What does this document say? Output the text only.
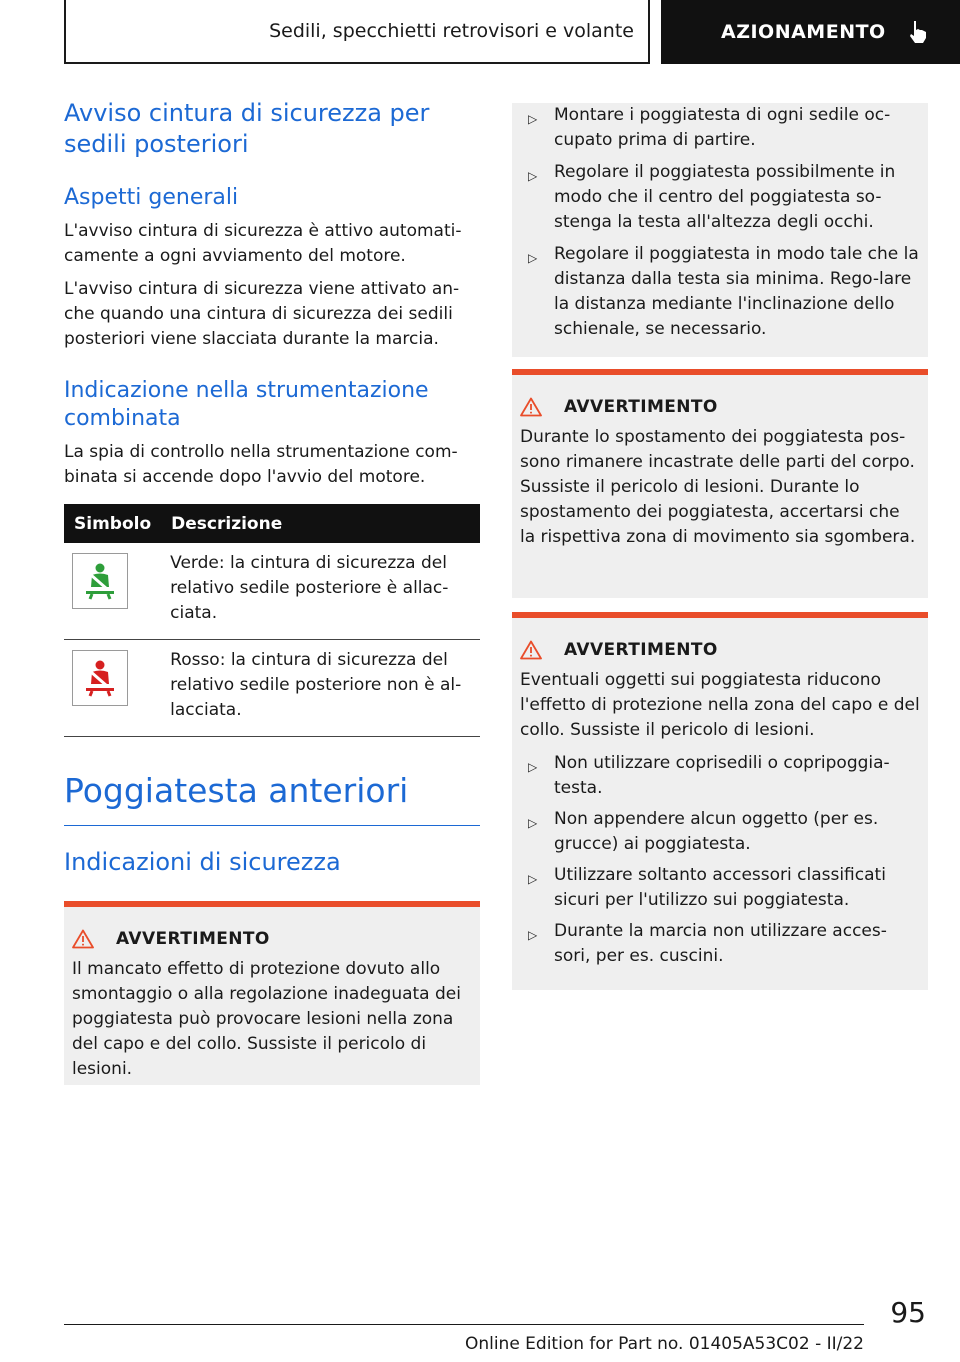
Sedili, specchietti retrovisori e volante	AZIONAMENTO
Avviso cintura di sicurezza per sedili posteriori
Aspetti generali

L'avviso cintura di sicurezza è attivo automati-camente a ogni avviamento del motore.

L'avviso cintura di sicurezza viene attivato an-che quando una cintura di sicurezza dei sedili posteriori viene slacciata durante la marcia.

Indicazione nella strumentazione combinata

La spia di controllo nella strumentazione com-binata si accende dopo l'avvio del motore.

Simbolo	Descrizione

	Verde: la cintura di sicurezza del relativo sedile posteriore è allac-ciata.

	Rosso: la cintura di sicurezza del relativo sedile posteriore non è al-lacciata.
Poggiatesta anteriori
Indicazioni di sicurezza
AVVERTIMENTO

Il mancato effetto di protezione dovuto allo smontaggio o alla regolazione inadeguata dei poggiatesta può provocare lesioni nella zona del capo e del collo. Sussiste il pericolo di lesioni.

▷ Montare i poggiatesta di ogni sedile oc-cupato prima di partire.
▷ Regolare il poggiatesta possibilmente in modo che il centro del poggiatesta so-stenga la testa all'altezza degli occhi.
▷ Regolare il poggiatesta in modo tale che la distanza dalla testa sia minima. Rego-lare la distanza mediante l'inclinazione dello schienale, se necessario.
AVVERTIMENTO

Durante lo spostamento dei poggiatesta pos-sono rimanere incastrate delle parti del corpo. Sussiste il pericolo di lesioni. Durante lo spostamento dei poggiatesta, accertarsi che la rispettiva zona di movimento sia sgombera.

AVVERTIMENTO

Eventuali oggetti sui poggiatesta riducono l'effetto di protezione nella zona del capo e del collo. Sussiste il pericolo di lesioni.

▷ Non utilizzare coprisedili o copripoggia-testa.
▷ Non appendere alcun oggetto (per es. grucce) ai poggiatesta.
▷ Utilizzare soltanto accessori classificati sicuri per l'utilizzo sui poggiatesta.
▷ Durante la marcia non utilizzare acces-sori, per es. cuscini.
95
Online Edition for Part no. 01405A53C02 - II/22
